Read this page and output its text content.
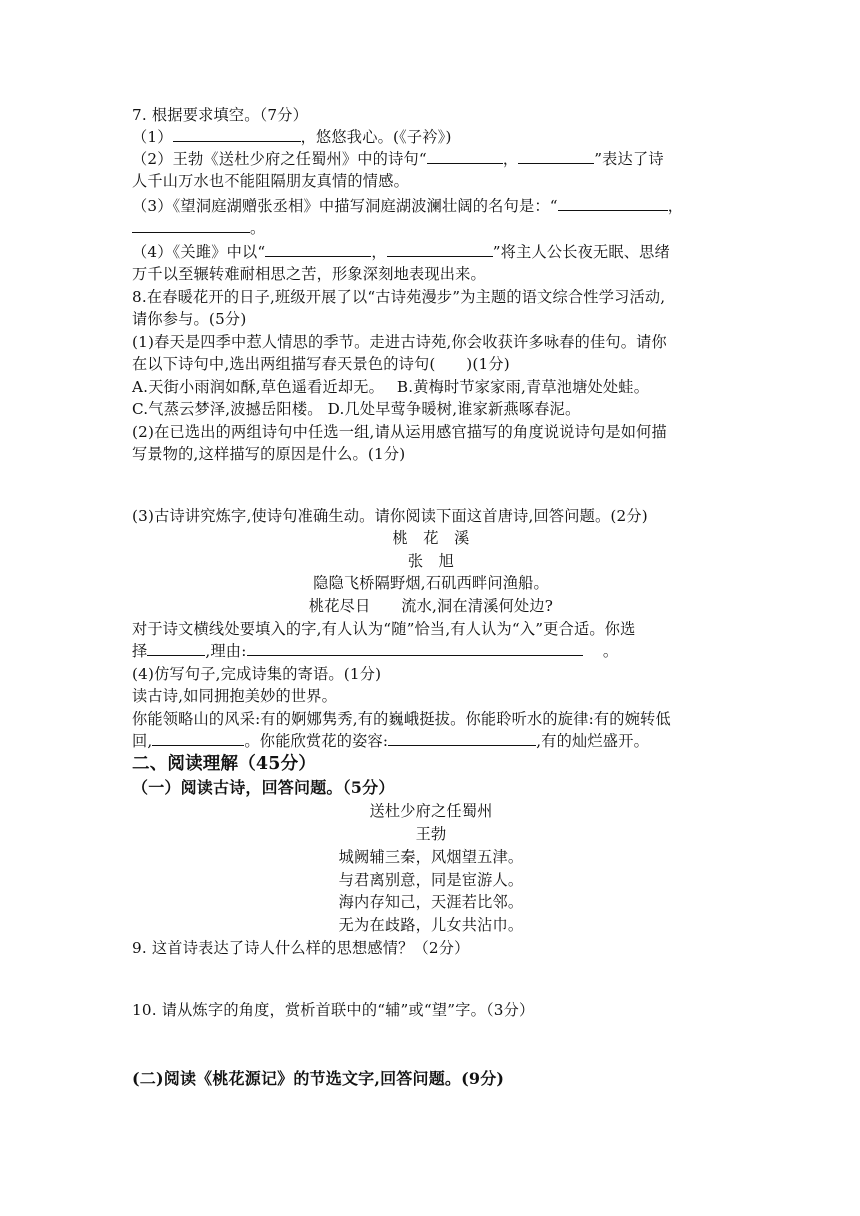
7. 根据要求填空。（7分）
（1）	，悠悠我心。(《子衿》)
（2）王勃《送杜少府之任蜀州》中的诗句“	，	”表达了诗
人千山万水也不能阻隔朋友真情的情感。
（3）《望洞庭湖赠张丞相》中描写洞庭湖波澜壮阔的名句是：“	，
。
（4）《关雎》中以“	，	”将主人公长夜无眠、思绪
万千以至辗转难耐相思之苦，形象深刻地表现出来。
8.在春暖花开的日子,班级开展了以“古诗苑漫步”为主题的语文综合性学习活动,
请你参与。(5分)
(1)春天是四季中惹人情思的季节。走进古诗苑,你会收获许多咏春的佳句。请你
在以下诗句中,选出两组描写春天景色的诗句(　　)(1分)
A.天街小雨润如酥,草色遥看近却无。　 B.黄梅时节家家雨,青草池塘处处蛙。
C.气蒸云梦泽,波撼岳阳楼。 D.几处早莺争暖树,谁家新燕啄春泥。
(2)在已选出的两组诗句中任选一组,请从运用感官描写的角度说说诗句是如何描
写景物的,这样描写的原因是什么。(1分)
(3)古诗讲究炼字,使诗句准确生动。请你阅读下面这首唐诗,回答问题。(2分)
桃　花　溪
张　旭
隐隐飞桥隔野烟,石矶西畔问渔船。
桃花尽日　　流水,洞在清溪何处边?
对于诗文横线处要填入的字,有人认为“随”恰当,有人认为“入”更合适。你选
择	,理由:	　 。
(4)仿写句子,完成诗集的寄语。(1分)
读古诗,如同拥抱美妙的世界。
你能领略山的风采:有的婀娜隽秀,有的巍峨挺拔。你能聆听水的旋律:有的婉转低
回,	。你能欣赏花的姿容:	,有的灿烂盛开。
二、阅读理解（45分）
（一）阅读古诗，回答问题。（5分）
送杜少府之任蜀州
王勃
城阙辅三秦，风烟望五津。
与君离别意，同是宦游人。
海内存知己，天涯若比邻。
无为在歧路，儿女共沾巾。
9. 这首诗表达了诗人什么样的思想感情？（2分）
10. 请从炼字的角度，赏析首联中的“辅”或“望”字。（3分）
(二)阅读《桃花源记》的节选文字,回答问题。(9分)
